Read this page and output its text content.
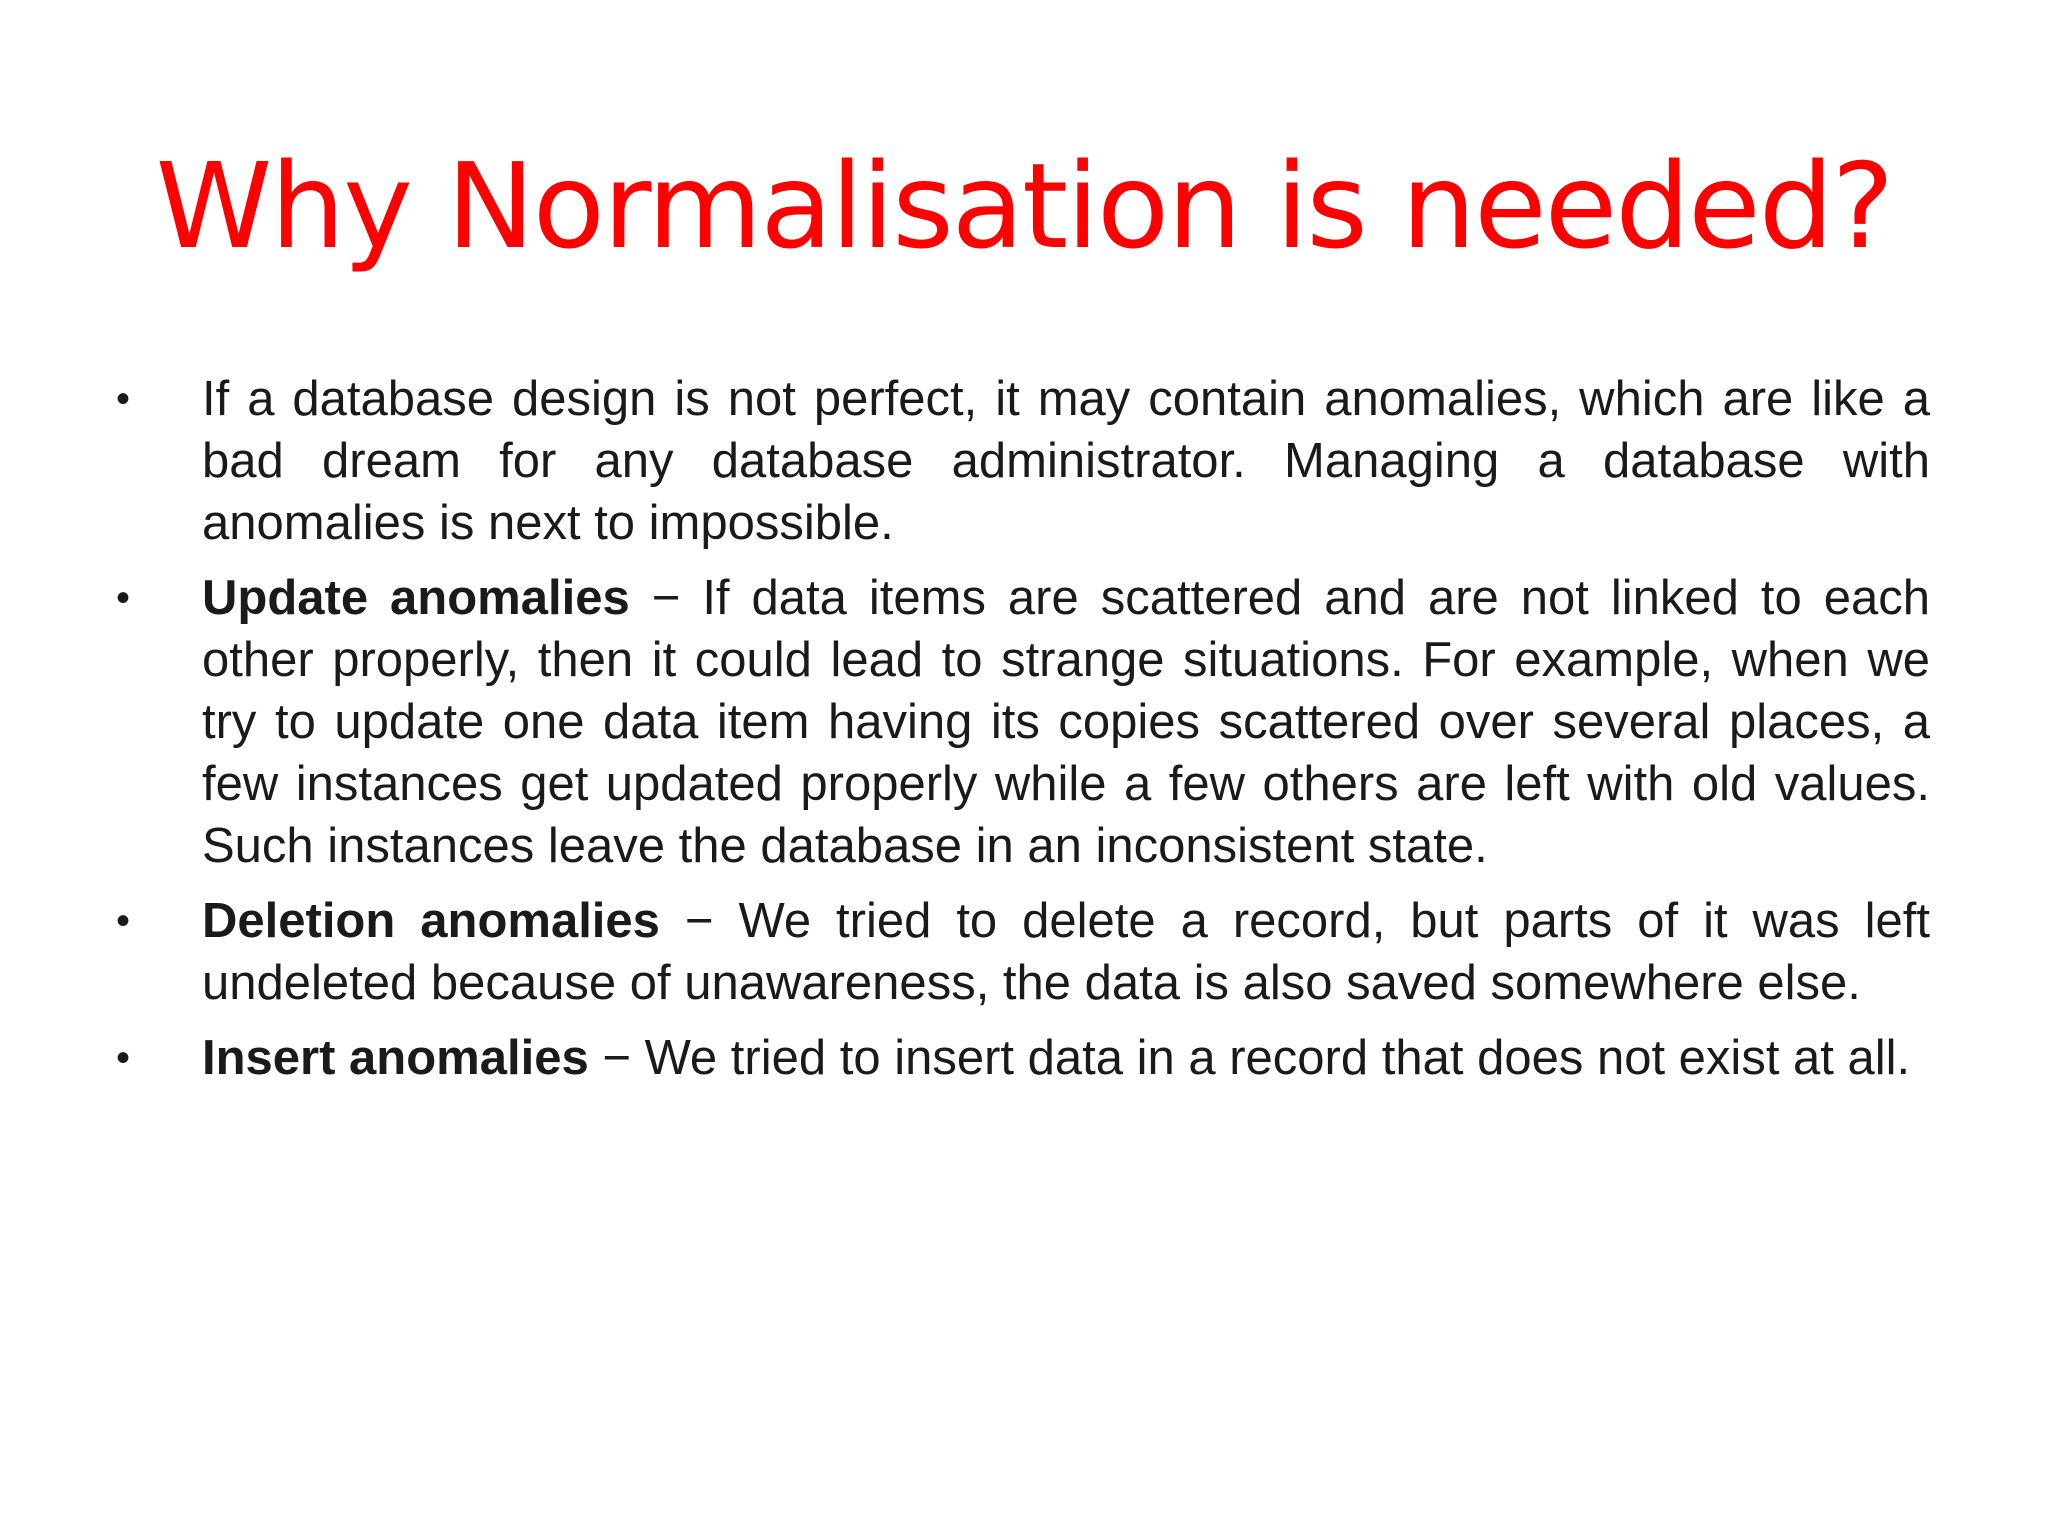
Why Normalisation is needed?
• If a database design is not perfect, it may contain anomalies, which are like a bad dream for any database administrator. Managing a database with anomalies is next to impossible.
• Update anomalies − If data items are scattered and are not linked to each other properly, then it could lead to strange situations. For example, when we try to update one data item having its copies scattered over several places, a few instances get updated properly while a few others are left with old values. Such instances leave the database in an inconsistent state.
• Deletion anomalies − We tried to delete a record, but parts of it was left undeleted because of unawareness, the data is also saved somewhere else.
• Insert anomalies − We tried to insert data in a record that does not exist at all.
